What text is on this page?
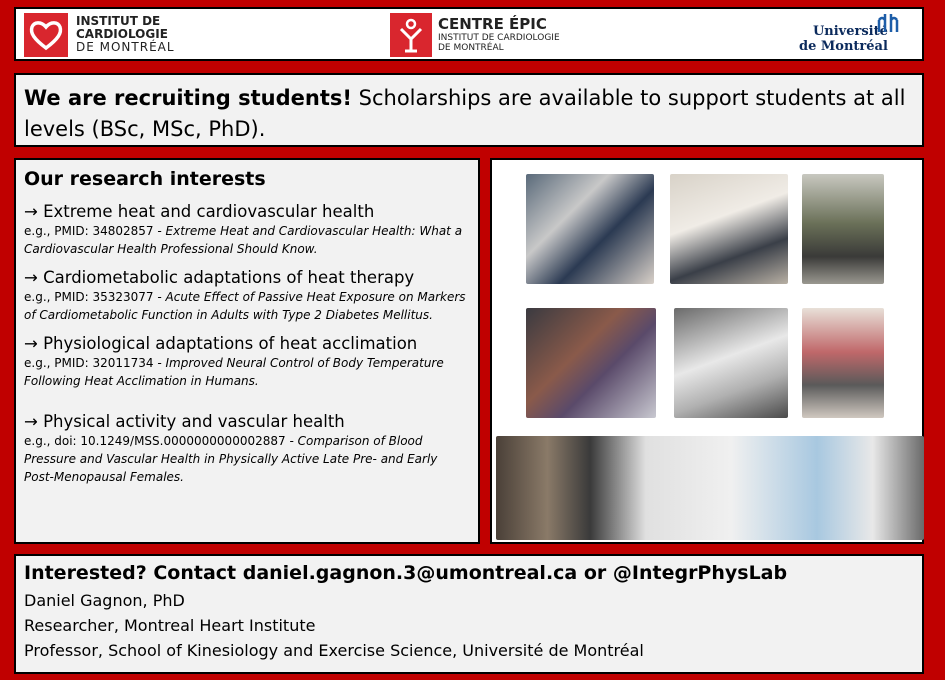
INSTITUT DE
CARDIOLOGIE
DE MONTRÉAL
CENTRE ÉPIC
INSTITUT DE CARDIOLOGIE
DE MONTRÉAL
Université
de Montréal
We are recruiting students! Scholarships are available to support students at all levels (BSc, MSc, PhD).
Our research interests

→ Extreme heat and cardiovascular health

e.g., PMID: 34802857 - Extreme Heat and Cardiovascular Health: What a Cardiovascular Health Professional Should Know.

→ Cardiometabolic adaptations of heat therapy

e.g., PMID: 35323077 - Acute Effect of Passive Heat Exposure on Markers of Cardiometabolic Function in Adults with Type 2 Diabetes Mellitus.

→ Physiological adaptations of heat acclimation

e.g., PMID: 32011734 - Improved Neural Control of Body Temperature Following Heat Acclimation in Humans.

→ Physical activity and vascular health

e.g., doi: 10.1249/MSS.0000000000002887 - Comparison of Blood Pressure and Vascular Health in Physically Active Late Pre- and Early Post-Menopausal Females.

Interested? Contact daniel.gagnon.3@umontreal.ca or @IntegrPhysLab

Daniel Gagnon, PhD

Researcher, Montreal Heart Institute

Professor, School of Kinesiology and Exercise Science, Université de Montréal
